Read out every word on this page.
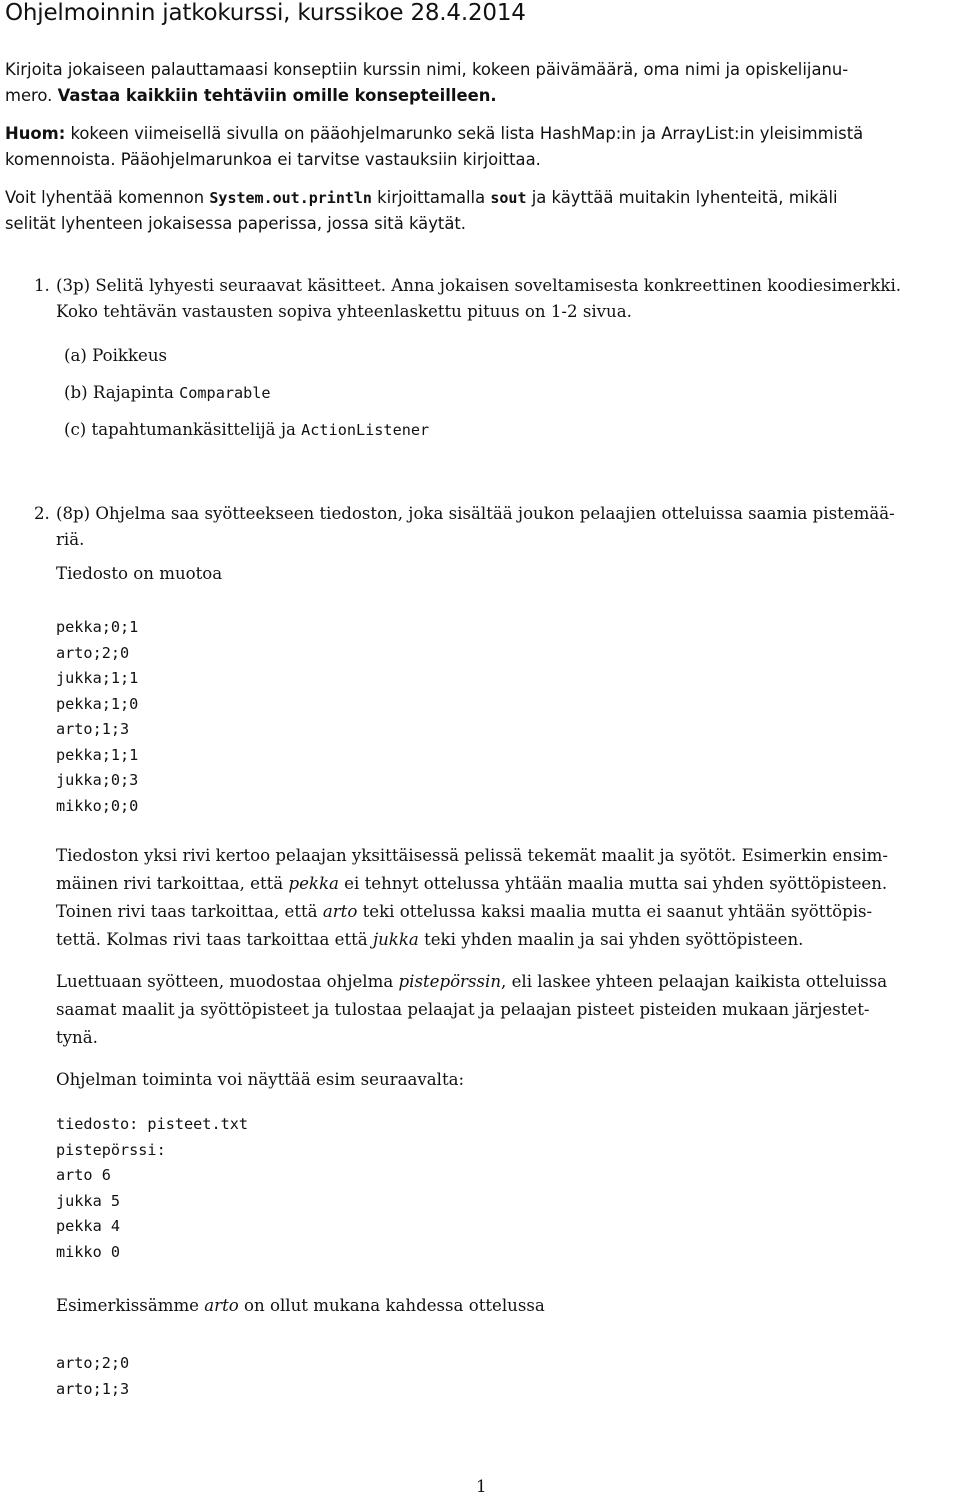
Ohjelmoinnin jatkokurssi, kurssikoe 28.4.2014
Kirjoita jokaiseen palauttamaasi konseptiin kurssin nimi, kokeen päivämäärä, oma nimi ja opiskelijanu-
mero. Vastaa kaikkiin tehtäviin omille konsepteilleen.
Huom: kokeen viimeisellä sivulla on pääohjelmarunko sekä lista HashMap:in ja ArrayList:in yleisimmistä
komennoista. Pääohjelmarunkoa ei tarvitse vastauksiin kirjoittaa.
Voit lyhentää komennon System.out.println kirjoittamalla sout ja käyttää muitakin lyhenteitä, mikäli
selität lyhenteen jokaisessa paperissa, jossa sitä käytät.
1. (3p) Selitä lyhyesti seuraavat käsitteet. Anna jokaisen soveltamisesta konkreettinen koodiesimerkki.
Koko tehtävän vastausten sopiva yhteenlaskettu pituus on 1-2 sivua.
(a) Poikkeus
(b) Rajapinta Comparable
(c) tapahtumankäsittelijä ja ActionListener
2. (8p) Ohjelma saa syötteekseen tiedoston, joka sisältää joukon pelaajien otteluissa saamia pistemää-
riä.
Tiedosto on muotoa
pekka;0;1
arto;2;0
jukka;1;1
pekka;1;0
arto;1;3
pekka;1;1
jukka;0;3
mikko;0;0
Tiedoston yksi rivi kertoo pelaajan yksittäisessä pelissä tekemät maalit ja syötöt. Esimerkin ensim-
mäinen rivi tarkoittaa, että pekka ei tehnyt ottelussa yhtään maalia mutta sai yhden syöttöpisteen.
Toinen rivi taas tarkoittaa, että arto teki ottelussa kaksi maalia mutta ei saanut yhtään syöttöpis-
tettä. Kolmas rivi taas tarkoittaa että jukka teki yhden maalin ja sai yhden syöttöpisteen.
Luettuaan syötteen, muodostaa ohjelma pistepörssin, eli laskee yhteen pelaajan kaikista otteluissa
saamat maalit ja syöttöpisteet ja tulostaa pelaajat ja pelaajan pisteet pisteiden mukaan järjestet-
tynä.
Ohjelman toiminta voi näyttää esim seuraavalta:
tiedosto: pisteet.txt
pistepörssi:
arto 6
jukka 5
pekka 4
mikko 0
Esimerkissämme arto on ollut mukana kahdessa ottelussa
arto;2;0
arto;1;3
1
